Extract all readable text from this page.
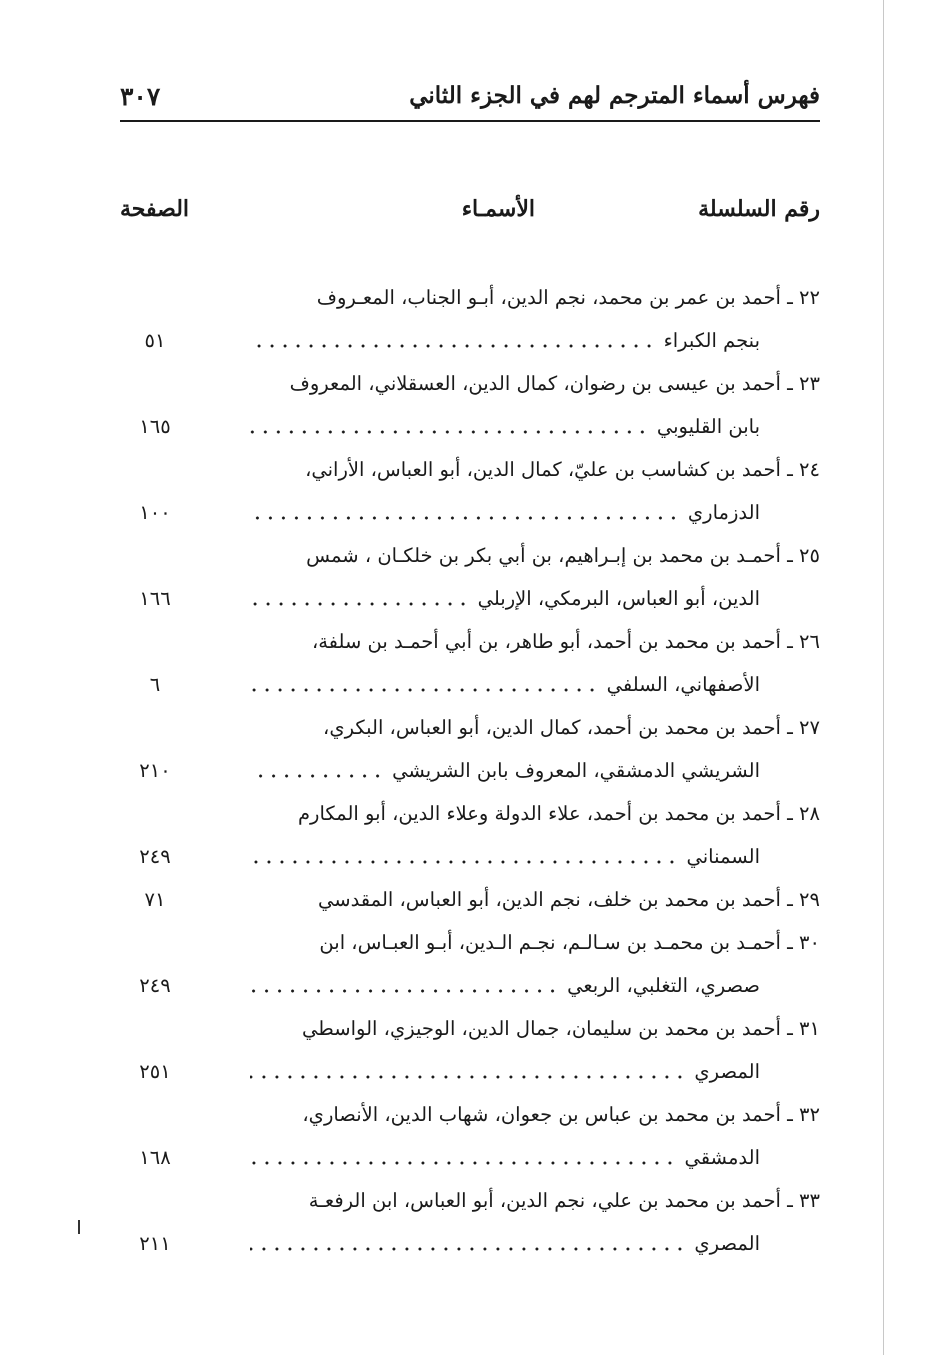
فهرس أسماء المترجم لهم في الجزء الثاني
٣٠٧
رقم السلسلة
الأسمـاء
الصفحة
٢٢ ـ أحمد بن عمر بن محمد، نجم الدين، أبـو الجناب، المعـروف
بنجم الكبراء
٥١
٢٣ ـ أحمد بن عيسى بن رضوان، كمال الدين، العسقلاني، المعروف
بابن القليوبي
١٦٥
٢٤ ـ أحمد بن كشاسب بن عليّ، كمال الدين، أبو العباس، الأراني،
الدزماري
١٠٠
٢٥ ـ أحمـد بن محمد بن إبـراهيم، بن أبي بكر بن خلكـان ، شمس
الدين، أبو العباس، البرمكي، الإربلي
١٦٦
٢٦ ـ أحمد بن محمد بن أحمد، أبو طاهر، بن أبي أحمـد بن سلفة،
الأصفهاني، السلفي
٦
٢٧ ـ أحمد بن محمد بن أحمد، كمال الدين، أبو العباس، البكري،
الشريشي الدمشقي، المعروف بابن الشريشي
٢١٠
٢٨ ـ أحمد بن محمد بن أحمد، علاء الدولة وعلاء الدين، أبو المكارم
السمناني
٢٤٩
٢٩ ـ أحمد بن محمد بن خلف، نجم الدين، أبو العباس، المقدسي
٧١
٣٠ ـ أحمـد بن محمـد بن سـالـم، نجـم الـدين، أبـو العبـاس، ابن
صصري، التغلبي، الربعي
٢٤٩
٣١ ـ أحمد بن محمد بن سليمان، جمال الدين، الوجيزي، الواسطي
المصري
٢٥١
٣٢ ـ أحمد بن محمد بن عباس بن جعوان، شهاب الدين، الأنصاري،
الدمشقي
١٦٨
٣٣ ـ أحمد بن محمد بن علي، نجم الدين، أبو العباس، ابن الرفعـة
المصري
٢١١
